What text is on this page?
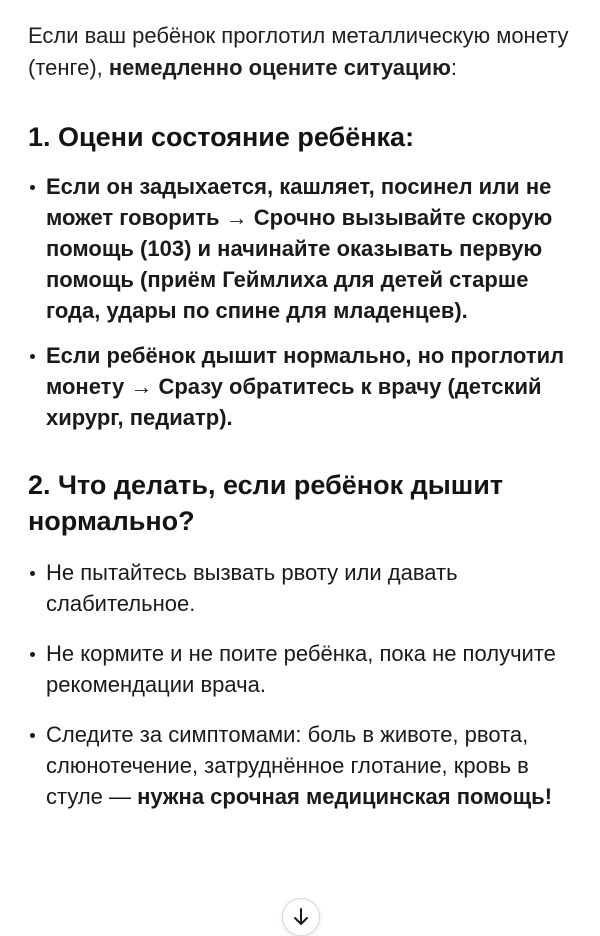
Если ваш ребёнок проглотил металлическую монету (тенге), немедленно оцените ситуацию:

1. Оцени состояние ребёнка:
Если он задыхается, кашляет, посинел или не может говорить → Срочно вызывайте скорую помощь (103) и начинайте оказывать первую помощь (приём Геймлиха для детей старше года, удары по спине для младенцев).
Если ребёнок дышит нормально, но проглотил монету → Сразу обратитесь к врачу (детский хирург, педиатр).
2. Что делать, если ребёнок дышит нормально?
Не пытайтесь вызвать рвоту или давать слабительное.
Не кормите и не поите ребёнка, пока не получите рекомендации врача.
Следите за симптомами: боль в животе, рвота, слюнотечение, затруднённое глотание, кровь в стуле — нужна срочная медицинская помощь!
